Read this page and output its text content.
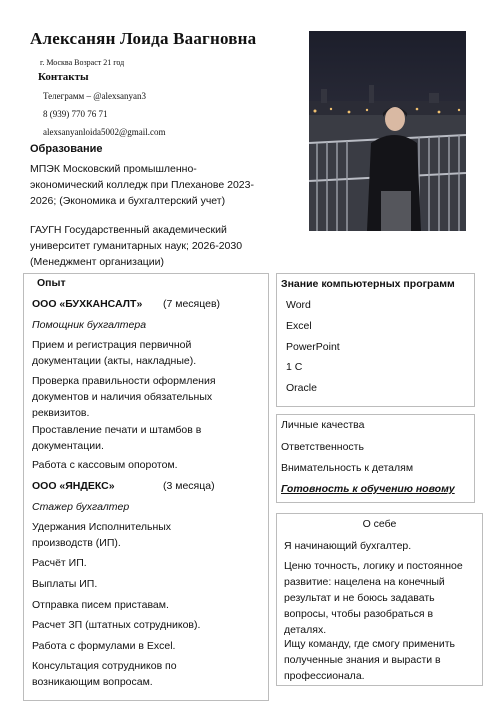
Алексанян Лоида Ваагновна
г. Москва Возраст 21 год
Контакты
Телеграмм – @alexsanyan3
8 (939) 770 76 71
alexsanyanloida5002@gmail.com
Образование
МПЭК Московский промышленно-экономический колледж при Плеханове 2023-2026; (Экономика и бухгалтерский учет)
ГАУГН Государственный академический университет гуманитарных наук; 2026-2030 (Менеджмент организации)
Опыт
ООО «БУХКАНСАЛТ» (7 месяцев)
Помощник бухгалтера
Прием и регистрация первичной документации (акты, накладные).
Проверка правильности оформления документов и наличия обязательных реквизитов.
Проставление печати и штамбов в документации.
Работа с кассовым опоротом.
ООО «ЯНДЕКС»	(3 месяца)
Стажер бухгалтер
Удержания Исполнительных производств (ИП).
Расчёт ИП.
Выплаты ИП.
Отправка писем приставам.
Расчет ЗП (штатных сотрудников).
Работа с формулами в Excel.
Консультация сотрудников по возникающим вопросам.
Знание компьютерных программ
Word
Excel
PowerPoint
1 С
Oracle
Личные качества
Ответственность
Внимательность к деталям
Готовность к обучению новому
О себе
Я начинающий бухгалтер.
Ценю точность, логику и постоянное развитие: нацелена на конечный результат и не боюсь задавать вопросы, чтобы разобраться в деталях.
Ищу команду, где смогу применить полученные знания и вырасти в профессионала.
